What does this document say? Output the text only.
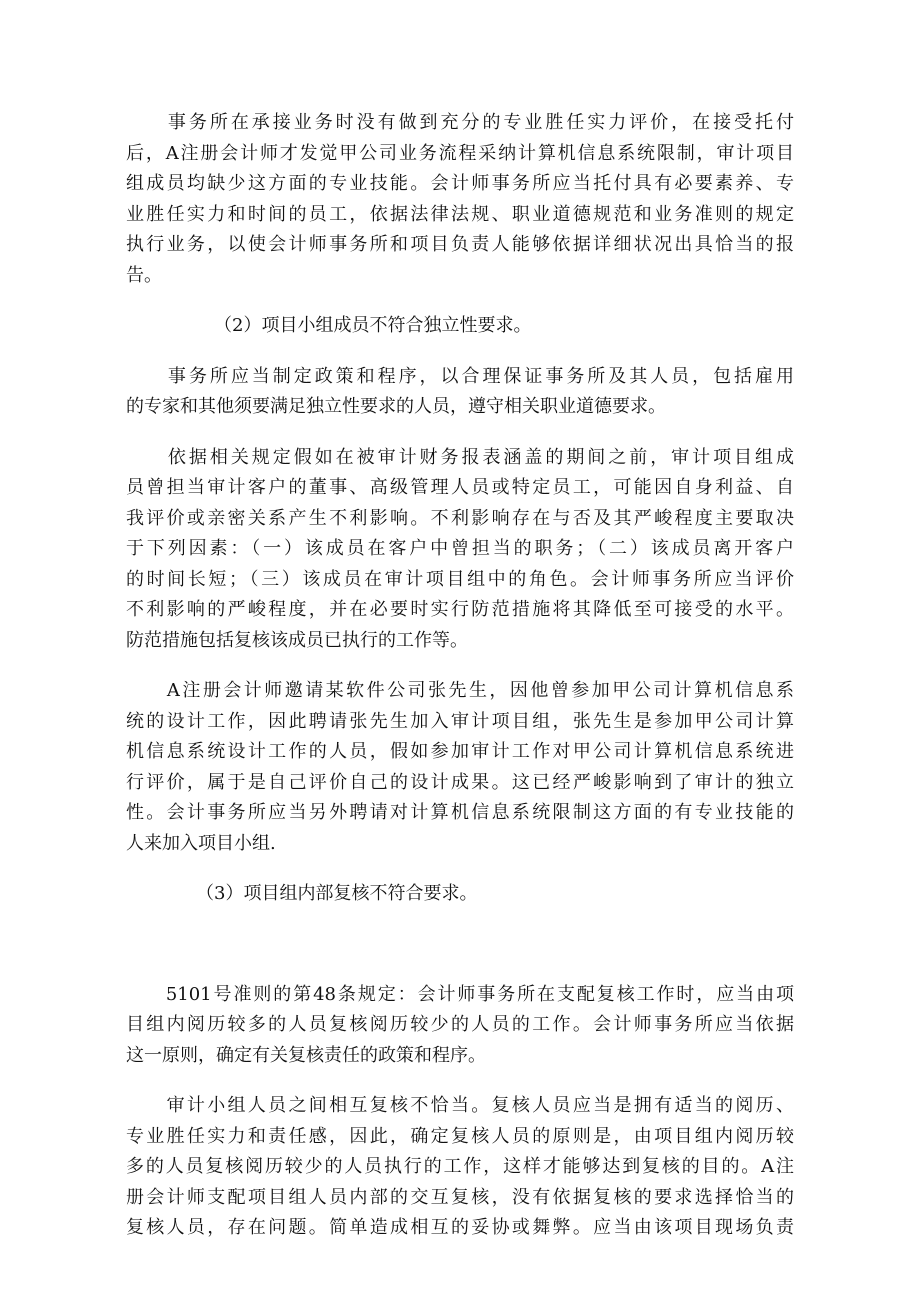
　　事务所在承接业务时没有做到充分的专业胜任实力评价，在接受托付
后，A注册会计师才发觉甲公司业务流程采纳计算机信息系统限制，审计项目
组成员均缺少这方面的专业技能。会计师事务所应当托付具有必要素养、专
业胜任实力和时间的员工，依据法律法规、职业道德规范和业务准则的规定
执行业务，以使会计师事务所和项目负责人能够依据详细状况出具恰当的报
告。
（2）项目小组成员不符合独立性要求。
　　事务所应当制定政策和程序，以合理保证事务所及其人员，包括雇用
的专家和其他须要满足独立性要求的人员，遵守相关职业道德要求。
　　依据相关规定假如在被审计财务报表涵盖的期间之前，审计项目组成
员曾担当审计客户的董事、高级管理人员或特定员工，可能因自身利益、自
我评价或亲密关系产生不利影响。不利影响存在与否及其严峻程度主要取决
于下列因素：（一）该成员在客户中曾担当的职务；（二）该成员离开客户
的时间长短；（三）该成员在审计项目组中的角色。会计师事务所应当评价
不利影响的严峻程度，并在必要时实行防范措施将其降低至可接受的水平。
防范措施包括复核该成员已执行的工作等。
　　A注册会计师邀请某软件公司张先生，因他曾参加甲公司计算机信息系
统的设计工作，因此聘请张先生加入审计项目组，张先生是参加甲公司计算
机信息系统设计工作的人员，假如参加审计工作对甲公司计算机信息系统进
行评价，属于是自己评价自己的设计成果。这已经严峻影响到了审计的独立
性。会计事务所应当另外聘请对计算机信息系统限制这方面的有专业技能的
人来加入项目小组.
（3）项目组内部复核不符合要求。
　　5101号准则的第48条规定：会计师事务所在支配复核工作时，应当由项
目组内阅历较多的人员复核阅历较少的人员的工作。会计师事务所应当依据
这一原则，确定有关复核责任的政策和程序。
　　审计小组人员之间相互复核不恰当。复核人员应当是拥有适当的阅历、
专业胜任实力和责任感，因此，确定复核人员的原则是，由项目组内阅历较
多的人员复核阅历较少的人员执行的工作，这样才能够达到复核的目的。A注
册会计师支配项目组人员内部的交互复核，没有依据复核的要求选择恰当的
复核人员，存在问题。简单造成相互的妥协或舞弊。应当由该项目现场负责
